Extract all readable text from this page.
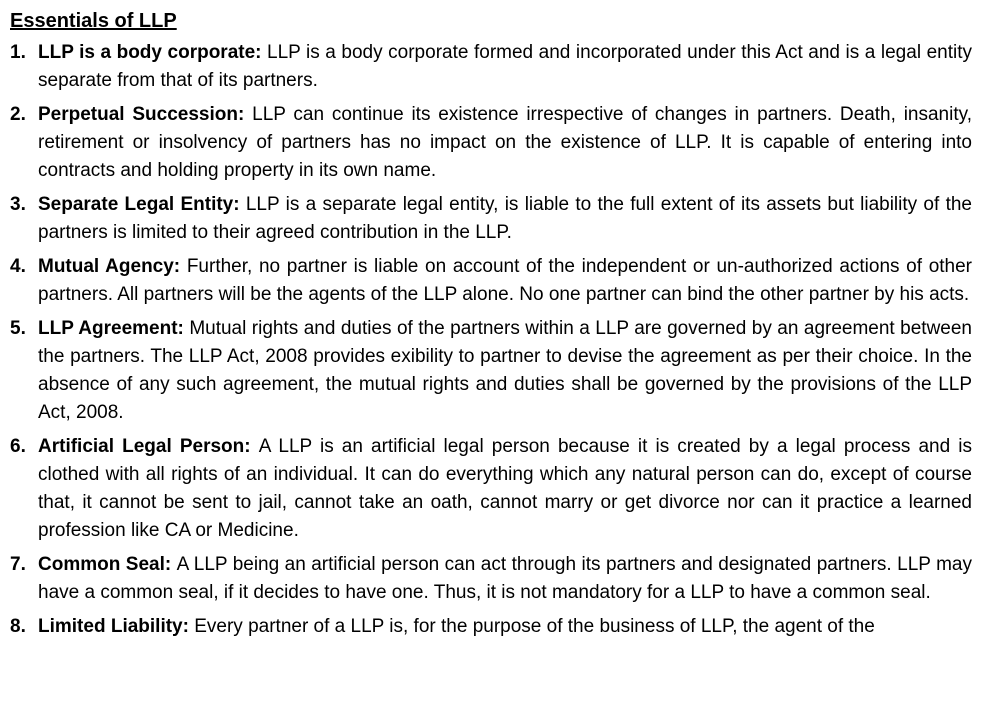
Essentials of LLP
1. LLP is a body corporate: LLP is a body corporate formed and incorporated under this Act and is a legal entity separate from that of its partners.
2. Perpetual Succession: LLP can continue its existence irrespective of changes in partners. Death, insanity, retirement or insolvency of partners has no impact on the existence of LLP. It is capable of entering into contracts and holding property in its own name.
3. Separate Legal Entity: LLP is a separate legal entity, is liable to the full extent of its assets but liability of the partners is limited to their agreed contribution in the LLP.
4. Mutual Agency: Further, no partner is liable on account of the independent or un-authorized actions of other partners. All partners will be the agents of the LLP alone. No one partner can bind the other partner by his acts.
5. LLP Agreement: Mutual rights and duties of the partners within a LLP are governed by an agreement between the partners. The LLP Act, 2008 provides exibility to partner to devise the agreement as per their choice. In the absence of any such agreement, the mutual rights and duties shall be governed by the provisions of the LLP Act, 2008.
6. Artificial Legal Person: A LLP is an artificial legal person because it is created by a legal process and is clothed with all rights of an individual. It can do everything which any natural person can do, except of course that, it cannot be sent to jail, cannot take an oath, cannot marry or get divorce nor can it practice a learned profession like CA or Medicine.
7. Common Seal: A LLP being an artificial person can act through its partners and designated partners. LLP may have a common seal, if it decides to have one. Thus, it is not mandatory for a LLP to have a common seal.
8. Limited Liability: Every partner of a LLP is, for the purpose of the business of LLP, the agent of the
